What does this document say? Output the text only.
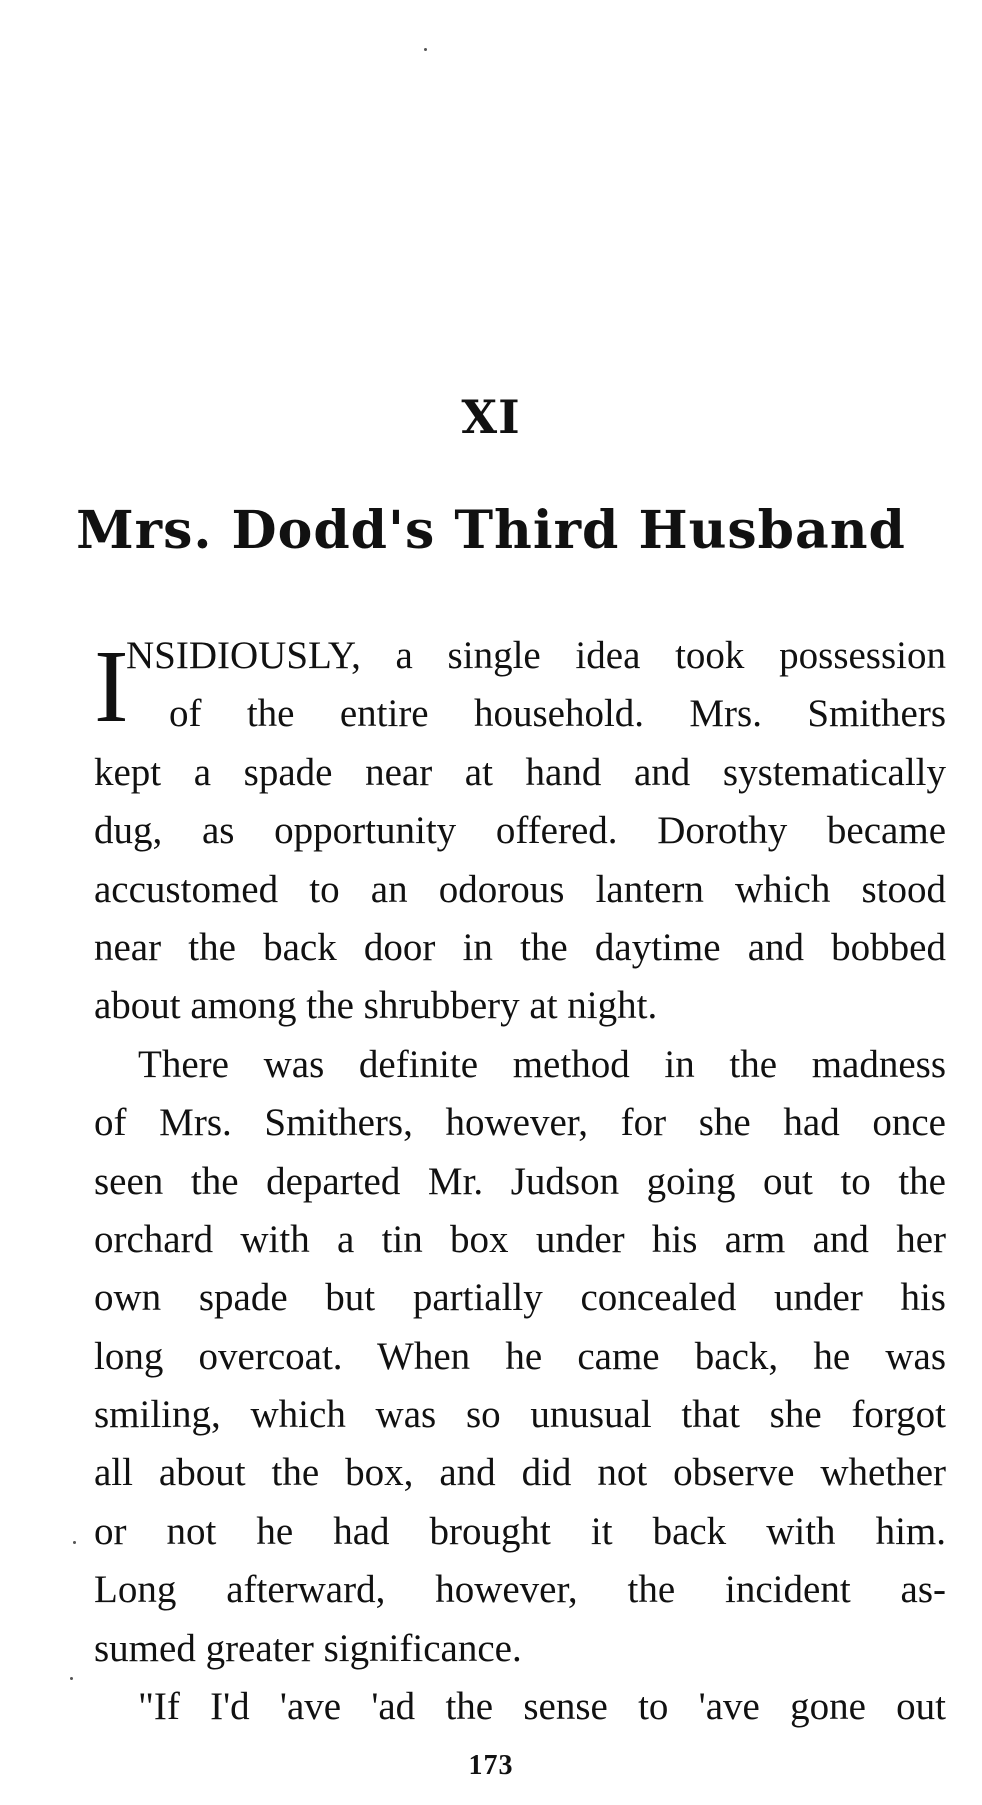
XI
Mrs. Dodd's Third Husband
I
NSIDIOUSLY, a single idea took possession
of the entire household. Mrs. Smithers
kept a spade near at hand and systematically
dug, as opportunity offered. Dorothy became
accustomed to an odorous lantern which stood
near the back door in the daytime and bobbed
about among the shrubbery at night.
There was definite method in the madness
of Mrs. Smithers, however, for she had once
seen the departed Mr. Judson going out to the
orchard with a tin box under his arm and her
own spade but partially concealed under his
long overcoat. When he came back, he was
smiling, which was so unusual that she forgot
all about the box, and did not observe whether
or not he had brought it back with him.
Long afterward, however, the incident as-
sumed greater significance.
"If I'd 'ave 'ad the sense to 'ave gone out
173
